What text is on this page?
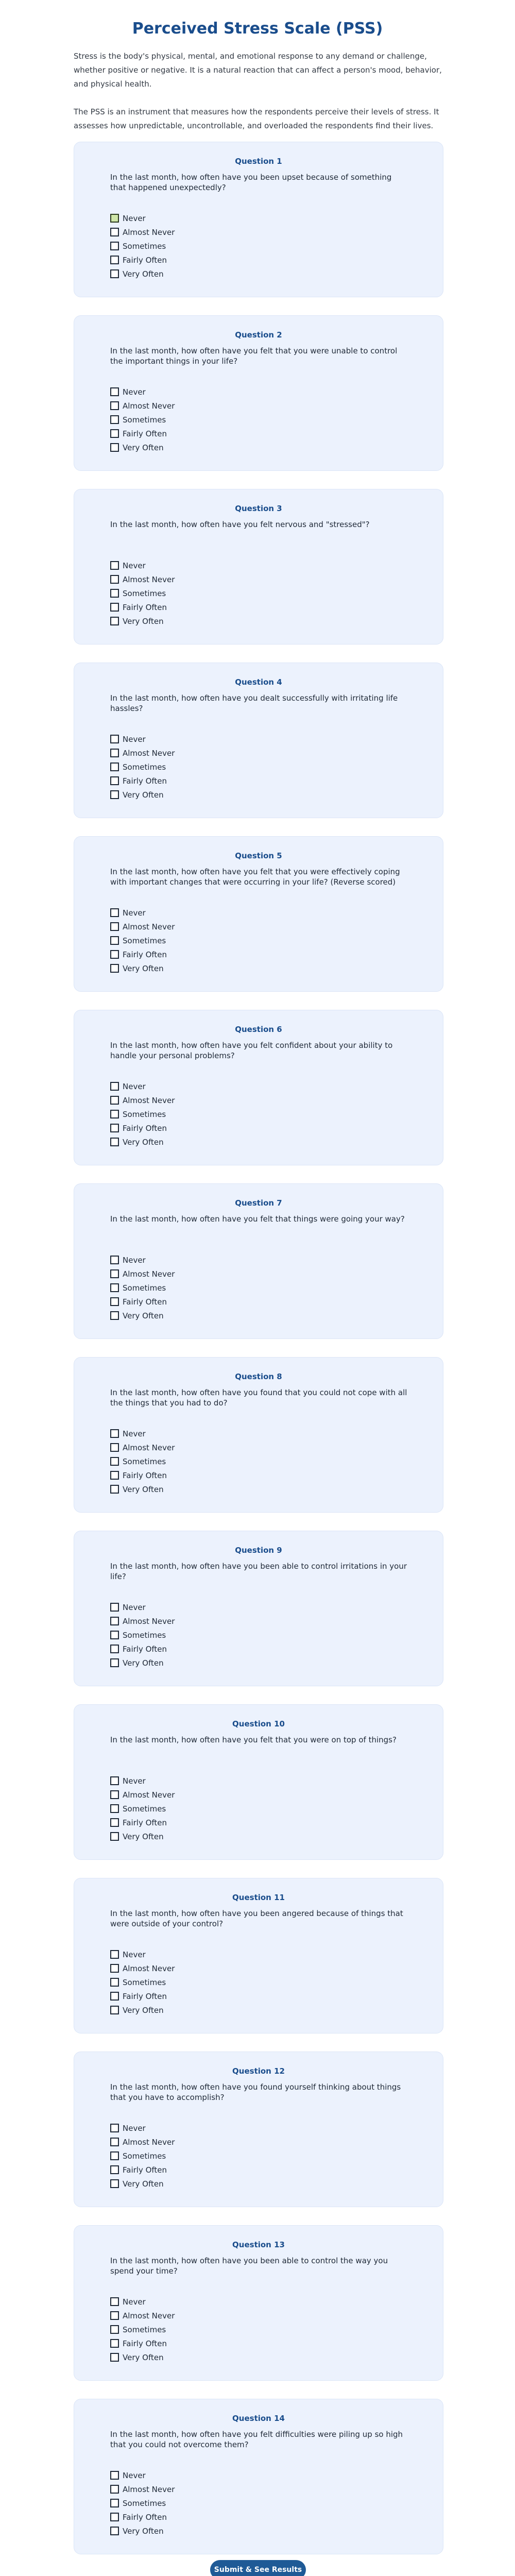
Perceived Stress Scale (PSS)

Stress is the body's physical, mental, and emotional response to any demand or challenge, whether positive or negative. It is a natural reaction that can affect a person's mood, behavior, and physical health.

The PSS is an instrument that measures how the respondents perceive their levels of stress. It assesses how unpredictable, uncontrollable, and overloaded the respondents find their lives.

Question 1
In the last month, how often have you been upset because of something that happened unexpectedly?
Never
Almost Never
Sometimes
Fairly Often
Very Often
Question 2
In the last month, how often have you felt that you were unable to control the important things in your life?
Never
Almost Never
Sometimes
Fairly Often
Very Often
Question 3
In the last month, how often have you felt nervous and "stressed"?
Never
Almost Never
Sometimes
Fairly Often
Very Often
Question 4
In the last month, how often have you dealt successfully with irritating life hassles?
Never
Almost Never
Sometimes
Fairly Often
Very Often
Question 5
In the last month, how often have you felt that you were effectively coping with important changes that were occurring in your life? (Reverse scored)
Never
Almost Never
Sometimes
Fairly Often
Very Often
Question 6
In the last month, how often have you felt confident about your ability to handle your personal problems?
Never
Almost Never
Sometimes
Fairly Often
Very Often
Question 7
In the last month, how often have you felt that things were going your way?
Never
Almost Never
Sometimes
Fairly Often
Very Often
Question 8
In the last month, how often have you found that you could not cope with all the things that you had to do?
Never
Almost Never
Sometimes
Fairly Often
Very Often
Question 9
In the last month, how often have you been able to control irritations in your life?
Never
Almost Never
Sometimes
Fairly Often
Very Often
Question 10
In the last month, how often have you felt that you were on top of things?
Never
Almost Never
Sometimes
Fairly Often
Very Often
Question 11
In the last month, how often have you been angered because of things that were outside of your control?
Never
Almost Never
Sometimes
Fairly Often
Very Often
Question 12
In the last month, how often have you found yourself thinking about things that you have to accomplish?
Never
Almost Never
Sometimes
Fairly Often
Very Often
Question 13
In the last month, how often have you been able to control the way you spend your time?
Never
Almost Never
Sometimes
Fairly Often
Very Often
Question 14
In the last month, how often have you felt difficulties were piling up so high that you could not overcome them?
Never
Almost Never
Sometimes
Fairly Often
Very Often
Submit & See Results
